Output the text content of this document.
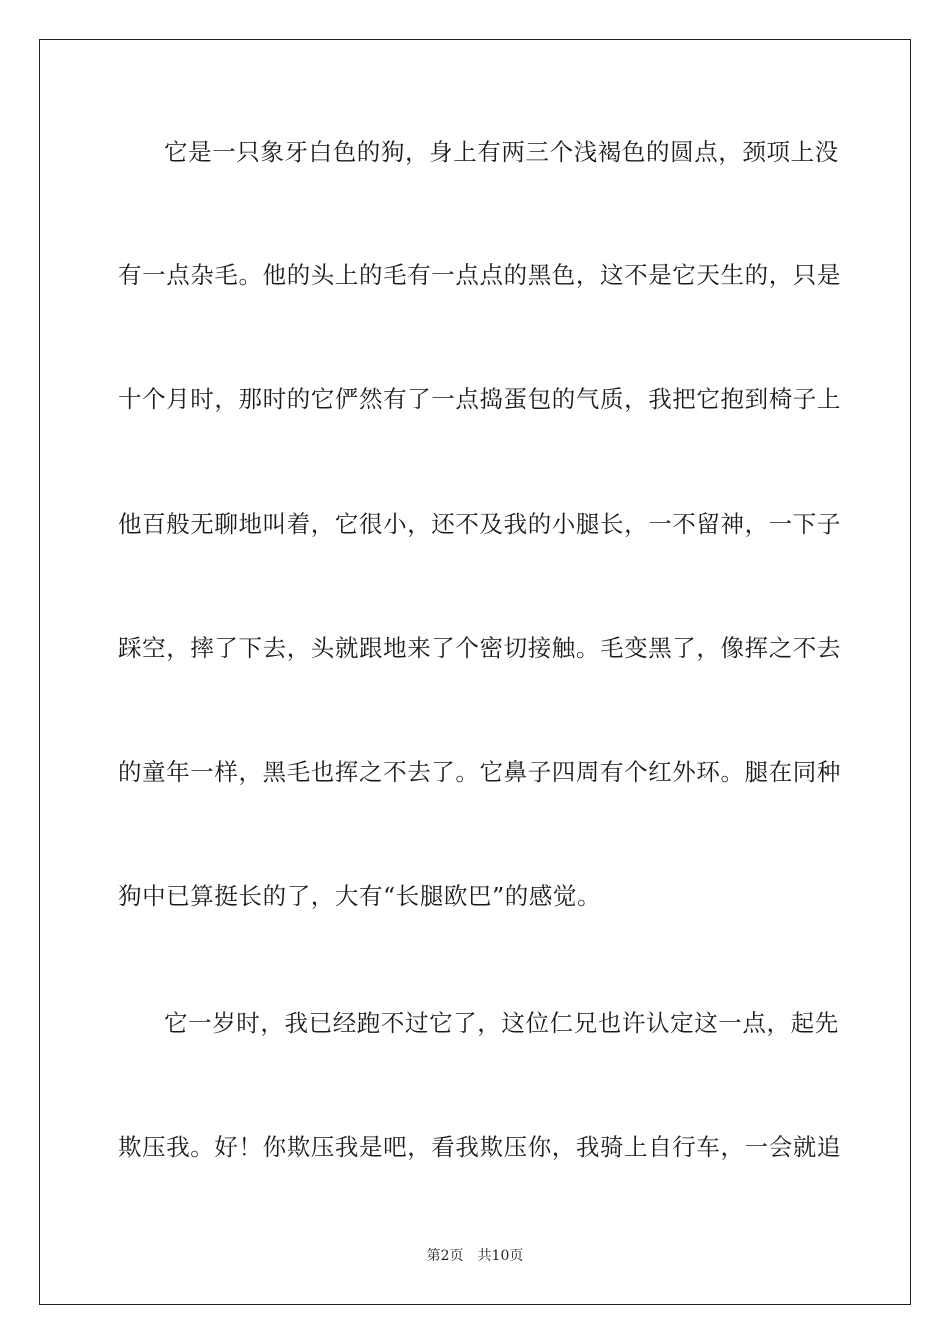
它是一只象牙白色的狗，身上有两三个浅褐色的圆点，颈项上没
有一点杂毛。他的头上的毛有一点点的黑色，这不是它天生的，只是
十个月时，那时的它俨然有了一点捣蛋包的气质，我把它抱到椅子上
他百般无聊地叫着，它很小，还不及我的小腿长，一不留神，一下子
踩空，摔了下去，头就跟地来了个密切接触。毛变黑了，像挥之不去
的童年一样，黑毛也挥之不去了。它鼻子四周有个红外环。腿在同种
狗中已算挺长的了，大有“长腿欧巴”的感觉。
它一岁时，我已经跑不过它了，这位仁兄也许认定这一点，起先
欺压我。好！你欺压我是吧，看我欺压你，我骑上自行车，一会就追
第2页 共10页
